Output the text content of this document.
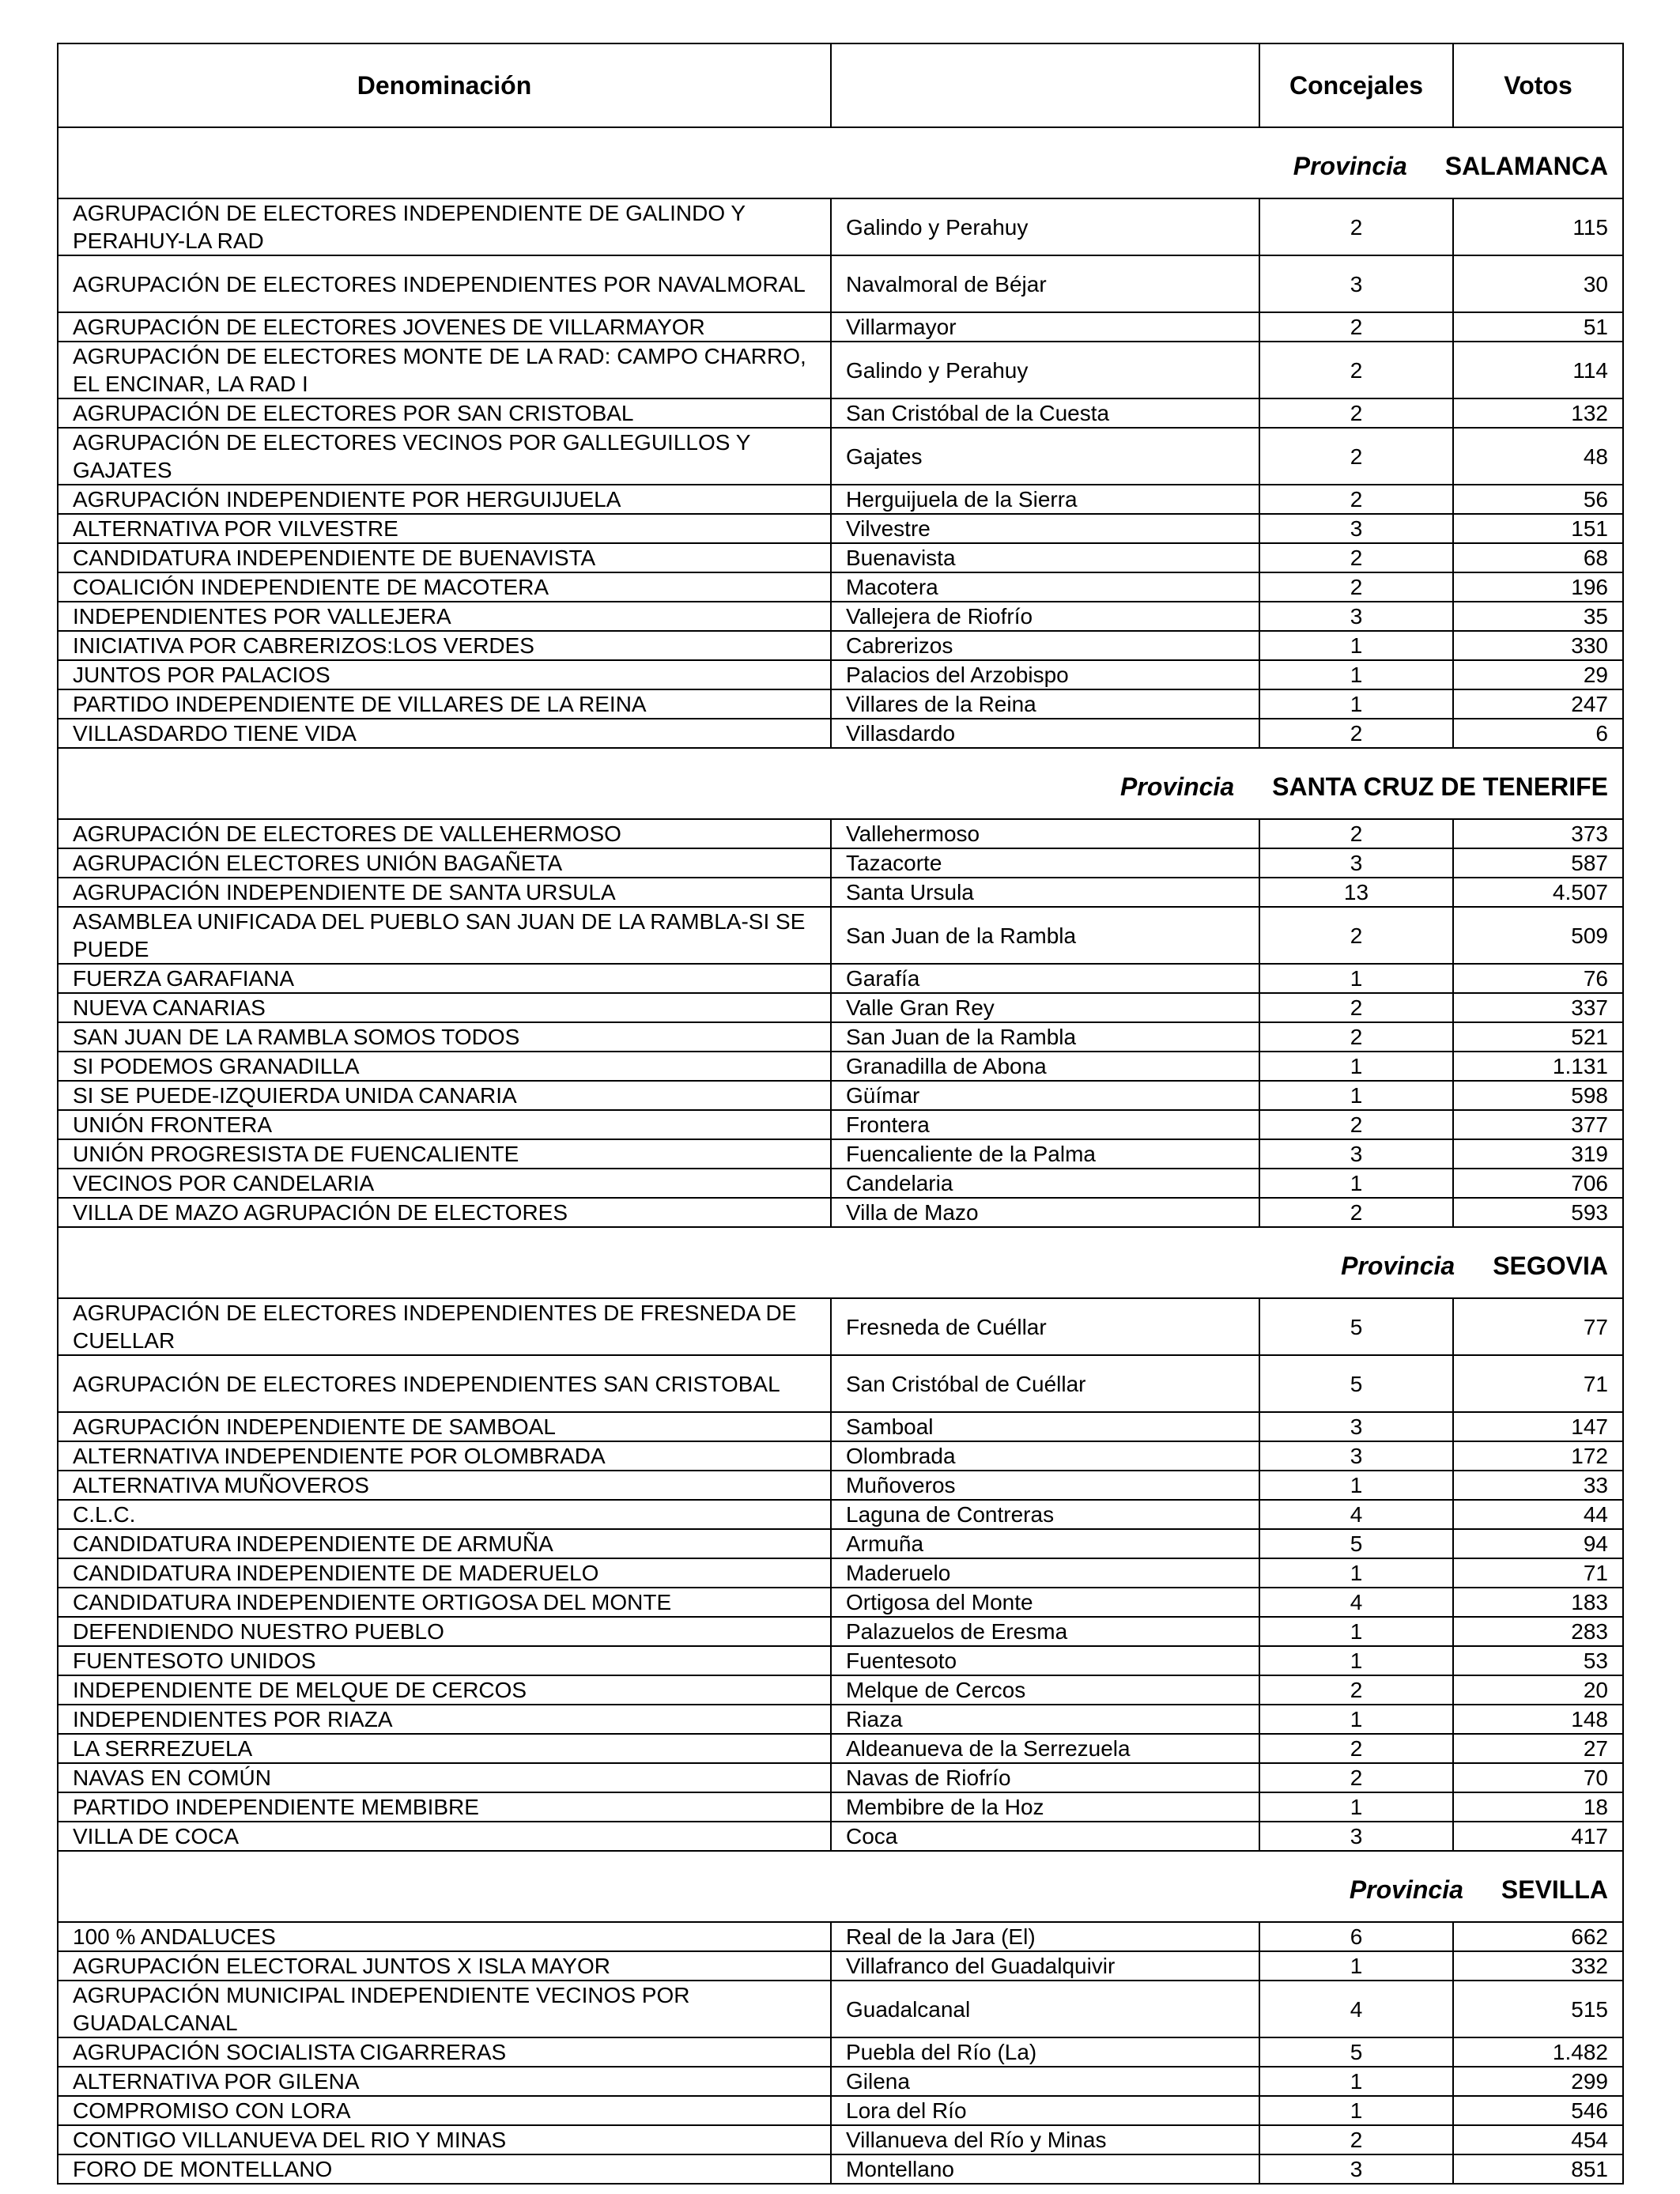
Denominación		Concejales	Votos
Provincia SALAMANCA			
AGRUPACIÓN DE ELECTORES INDEPENDIENTE DE GALINDO Y PERAHUY-LA RAD	Galindo y Perahuy	2	115
AGRUPACIÓN DE ELECTORES INDEPENDIENTES POR NAVALMORAL	Navalmoral de Béjar	3	30
AGRUPACIÓN DE ELECTORES JOVENES DE VILLARMAYOR	Villarmayor	2	51
AGRUPACIÓN DE ELECTORES MONTE DE LA RAD: CAMPO CHARRO, EL ENCINAR, LA RAD I	Galindo y Perahuy	2	114
AGRUPACIÓN DE ELECTORES POR SAN CRISTOBAL	San Cristóbal de la Cuesta	2	132
AGRUPACIÓN DE ELECTORES VECINOS POR GALLEGUILLOS Y GAJATES	Gajates	2	48
AGRUPACIÓN INDEPENDIENTE POR HERGUIJUELA	Herguijuela de la Sierra	2	56
ALTERNATIVA POR VILVESTRE	Vilvestre	3	151
CANDIDATURA INDEPENDIENTE DE BUENAVISTA	Buenavista	2	68
COALICIÓN INDEPENDIENTE DE MACOTERA	Macotera	2	196
INDEPENDIENTES POR VALLEJERA	Vallejera de Riofrío	3	35
INICIATIVA POR CABRERIZOS:LOS VERDES	Cabrerizos	1	330
JUNTOS POR PALACIOS	Palacios del Arzobispo	1	29
PARTIDO INDEPENDIENTE DE VILLARES DE LA REINA	Villares de la Reina	1	247
VILLASDARDO TIENE VIDA	Villasdardo	2	6
Provincia SANTA CRUZ DE TENERIFE			
AGRUPACIÓN DE ELECTORES DE VALLEHERMOSO	Vallehermoso	2	373
AGRUPACIÓN ELECTORES UNIÓN BAGAÑETA	Tazacorte	3	587
AGRUPACIÓN INDEPENDIENTE DE SANTA URSULA	Santa Ursula	13	4.507
ASAMBLEA UNIFICADA DEL PUEBLO SAN JUAN DE LA RAMBLA-SI SE PUEDE	San Juan de la Rambla	2	509
FUERZA GARAFIANA	Garafía	1	76
NUEVA CANARIAS	Valle Gran Rey	2	337
SAN JUAN DE LA RAMBLA SOMOS TODOS	San Juan de la Rambla	2	521
SI PODEMOS GRANADILLA	Granadilla de Abona	1	1.131
SI SE PUEDE-IZQUIERDA UNIDA CANARIA	Güímar	1	598
UNIÓN FRONTERA	Frontera	2	377
UNIÓN PROGRESISTA DE FUENCALIENTE	Fuencaliente de la Palma	3	319
VECINOS POR CANDELARIA	Candelaria	1	706
VILLA DE MAZO AGRUPACIÓN DE ELECTORES	Villa de Mazo	2	593
Provincia SEGOVIA			
AGRUPACIÓN DE ELECTORES INDEPENDIENTES DE FRESNEDA DE CUELLAR	Fresneda de Cuéllar	5	77
AGRUPACIÓN DE ELECTORES INDEPENDIENTES SAN CRISTOBAL	San Cristóbal de Cuéllar	5	71
AGRUPACIÓN INDEPENDIENTE DE SAMBOAL	Samboal	3	147
ALTERNATIVA INDEPENDIENTE POR OLOMBRADA	Olombrada	3	172
ALTERNATIVA MUÑOVEROS	Muñoveros	1	33
C.L.C.	Laguna de Contreras	4	44
CANDIDATURA INDEPENDIENTE DE ARMUÑA	Armuña	5	94
CANDIDATURA INDEPENDIENTE DE MADERUELO	Maderuelo	1	71
CANDIDATURA INDEPENDIENTE ORTIGOSA DEL MONTE	Ortigosa del Monte	4	183
DEFENDIENDO NUESTRO PUEBLO	Palazuelos de Eresma	1	283
FUENTESOTO UNIDOS	Fuentesoto	1	53
INDEPENDIENTE DE MELQUE DE CERCOS	Melque de Cercos	2	20
INDEPENDIENTES POR RIAZA	Riaza	1	148
LA SERREZUELA	Aldeanueva de la Serrezuela	2	27
NAVAS EN COMÚN	Navas de Riofrío	2	70
PARTIDO INDEPENDIENTE MEMBIBRE	Membibre de la Hoz	1	18
VILLA DE COCA	Coca	3	417
Provincia SEVILLA			
100 % ANDALUCES	Real de la Jara (El)	6	662
AGRUPACIÓN ELECTORAL JUNTOS X ISLA MAYOR	Villafranco del Guadalquivir	1	332
AGRUPACIÓN MUNICIPAL INDEPENDIENTE VECINOS POR GUADALCANAL	Guadalcanal	4	515
AGRUPACIÓN SOCIALISTA CIGARRERAS	Puebla del Río (La)	5	1.482
ALTERNATIVA POR GILENA	Gilena	1	299
COMPROMISO CON LORA	Lora del Río	1	546
CONTIGO VILLANUEVA DEL RIO Y MINAS	Villanueva del Río y Minas	2	454
FORO DE MONTELLANO	Montellano	3	851
